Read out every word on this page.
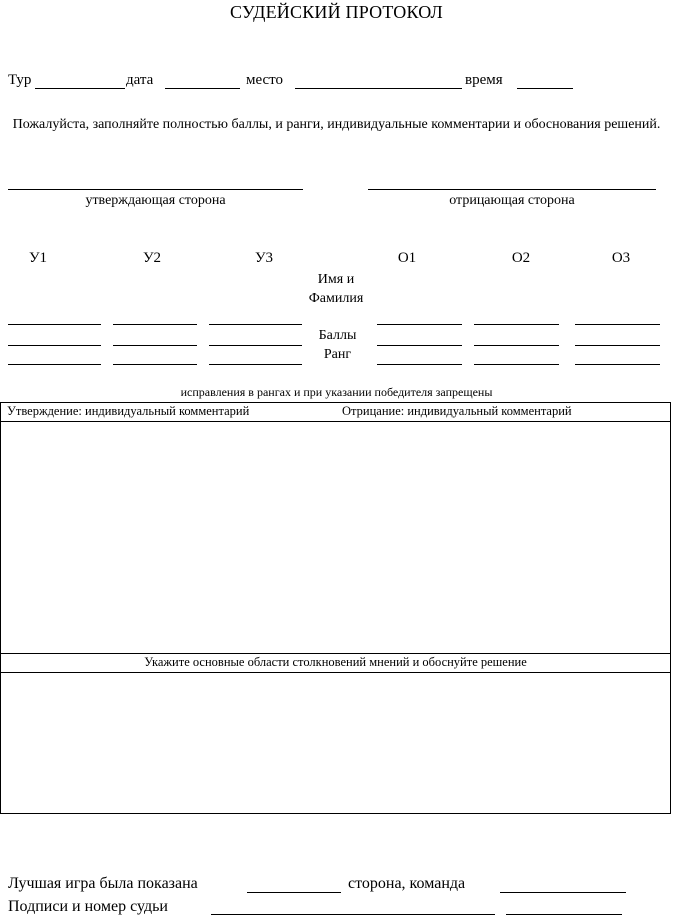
СУДЕЙСКИЙ ПРОТОКОЛ
Тур	дата	место	время
Пожалуйста, заполняйте полностью баллы, и ранги, индивидуальные комментарии и обоснования решений.
утверждающая сторона	отрицающая сторона
У1	У2	У3	О1	О2	О3
Имя и Фамилия
Баллы
Ранг
исправления в рангах и при указании победителя запрещены
Утверждение: индивидуальный комментарий	Отрицание: индивидуальный комментарий
Укажите основные области столкновений мнений и обоснуйте решение
Лучшая игра была показана	сторона, команда
Подписи и номер судьи
